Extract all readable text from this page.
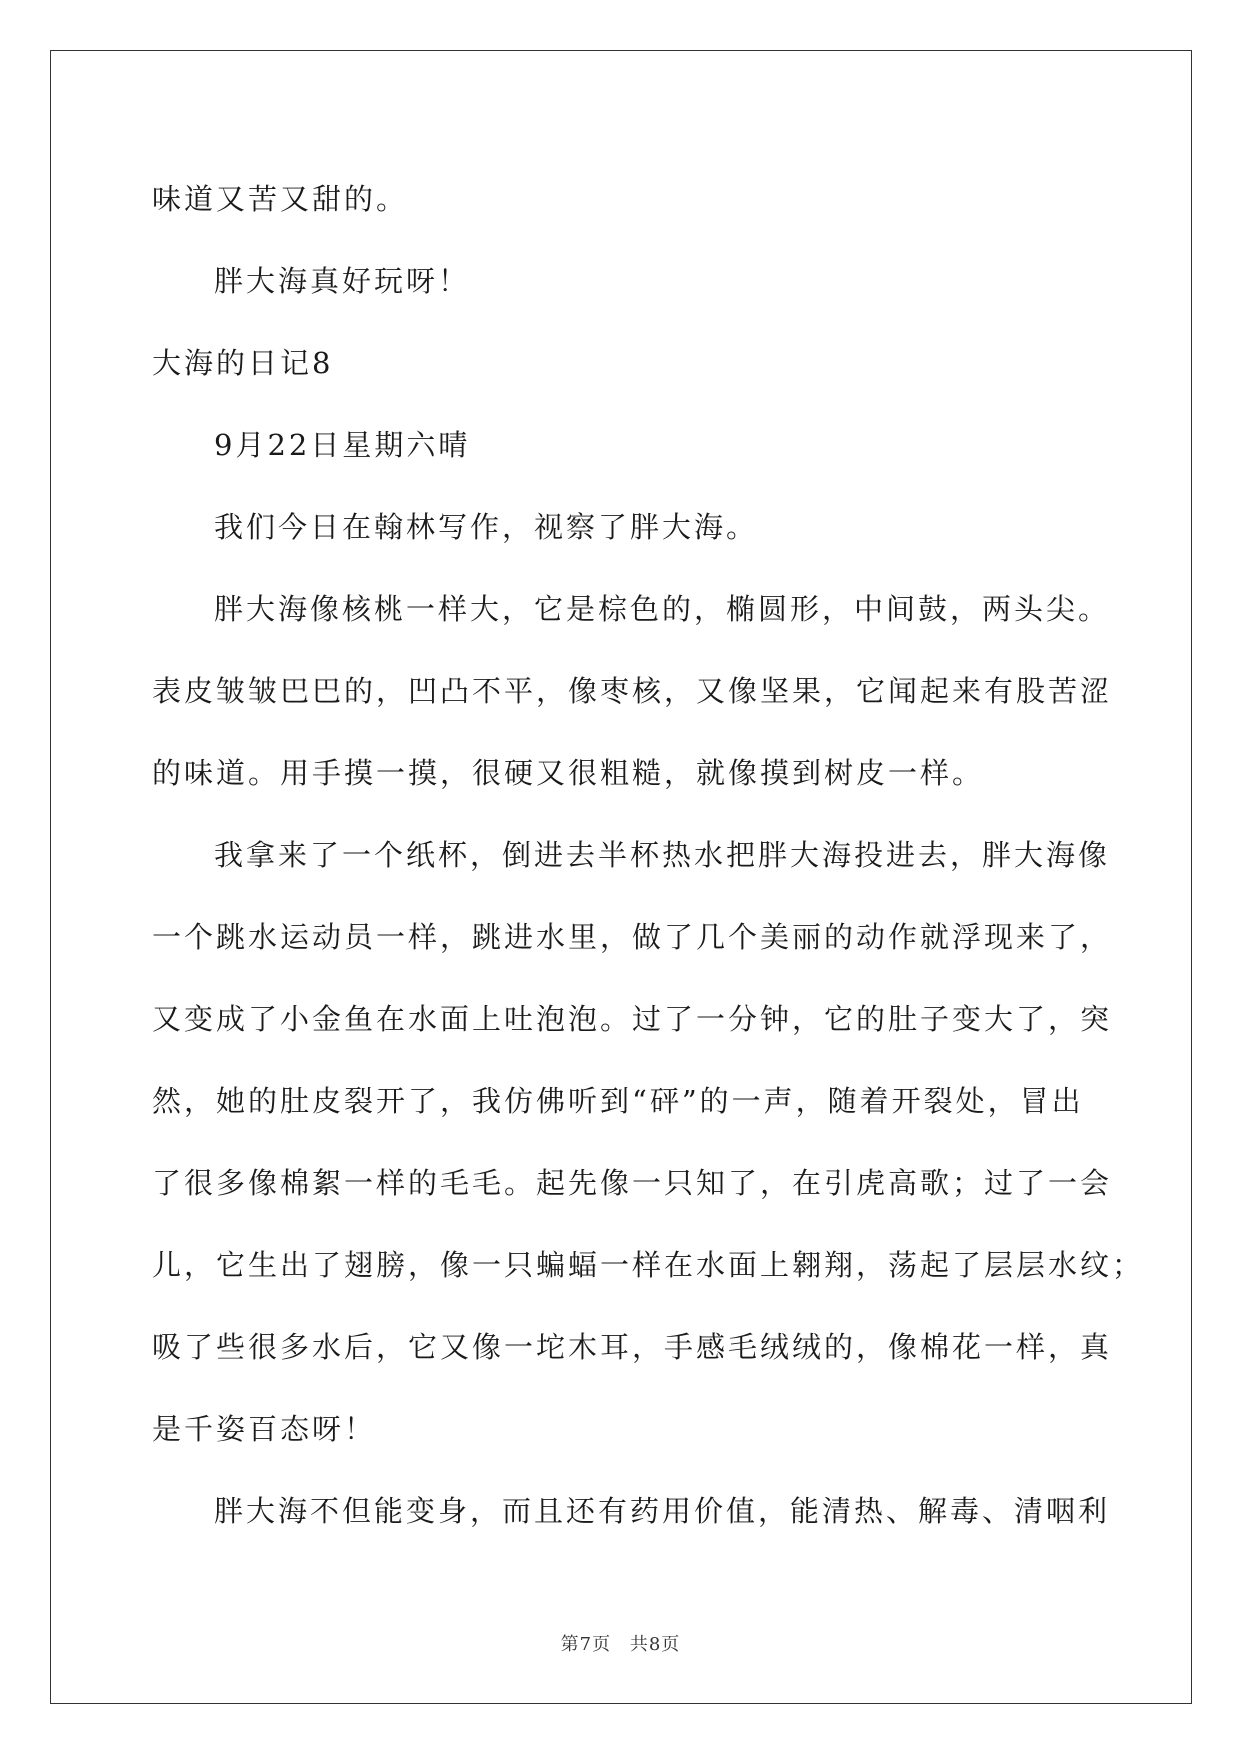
味道又苦又甜的。
胖大海真好玩呀！
大海的日记8
9月22日星期六晴
我们今日在翰林写作，视察了胖大海。
胖大海像核桃一样大，它是棕色的，椭圆形，中间鼓，两头尖。
表皮皱皱巴巴的，凹凸不平，像枣核，又像坚果，它闻起来有股苦涩
的味道。用手摸一摸，很硬又很粗糙，就像摸到树皮一样。
我拿来了一个纸杯，倒进去半杯热水把胖大海投进去，胖大海像
一个跳水运动员一样，跳进水里，做了几个美丽的动作就浮现来了，
又变成了小金鱼在水面上吐泡泡。过了一分钟，它的肚子变大了，突
然，她的肚皮裂开了，我仿佛听到“砰”的一声，随着开裂处，冒出
了很多像棉絮一样的毛毛。起先像一只知了，在引虎高歌；过了一会
儿，它生出了翅膀，像一只蝙蝠一样在水面上翱翔，荡起了层层水纹；
吸了些很多水后，它又像一坨木耳，手感毛绒绒的，像棉花一样，真
是千姿百态呀！
胖大海不但能变身，而且还有药用价值，能清热、解毒、清咽利
第7页 共8页
